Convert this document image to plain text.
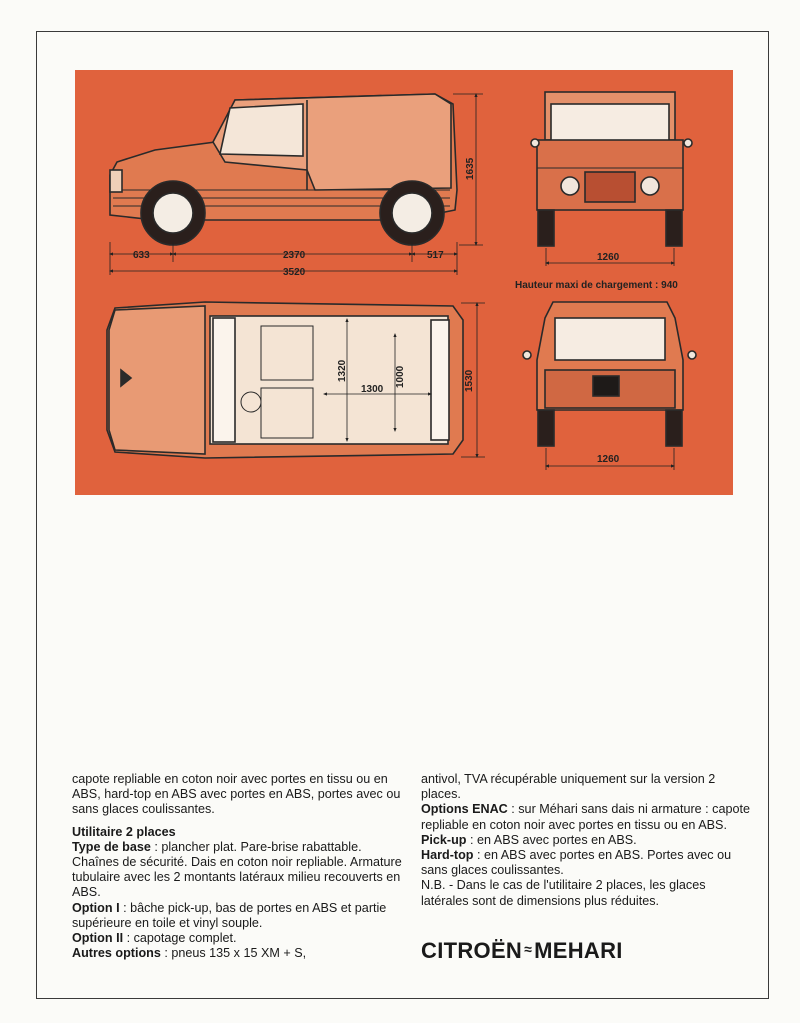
633	2370	517
3520
1635
1260
Hauteur maxi de chargement : 940
1320
1300
1000	1530
1260

capote repliable en coton noir avec portes en tissu ou en ABS, hard-top en ABS avec portes en ABS, portes avec ou sans glaces coulissantes.

Utilitaire 2 places

Type de base : plancher plat. Pare-brise rabattable. Chaînes de sécurité. Dais en coton noir repliable. Armature tubulaire avec les 2 montants latéraux milieu recouverts en ABS.

Option I : bâche pick-up, bas de portes en ABS et partie supérieure en toile et vinyl souple.

Option II : capotage complet.

Autres options : pneus 135 x 15 XM + S,

antivol, TVA récupérable uniquement sur la version 2 places.

Options ENAC : sur Méhari sans dais ni armature : capote repliable en coton noir avec portes en tissu ou en ABS.

Pick-up : en ABS avec portes en ABS.

Hard-top : en ABS avec portes en ABS. Portes avec ou sans glaces coulissantes.

N.B. - Dans le cas de l'utilitaire 2 places, les glaces latérales sont de dimensions plus réduites.

CITROËN ≈MEHARI
